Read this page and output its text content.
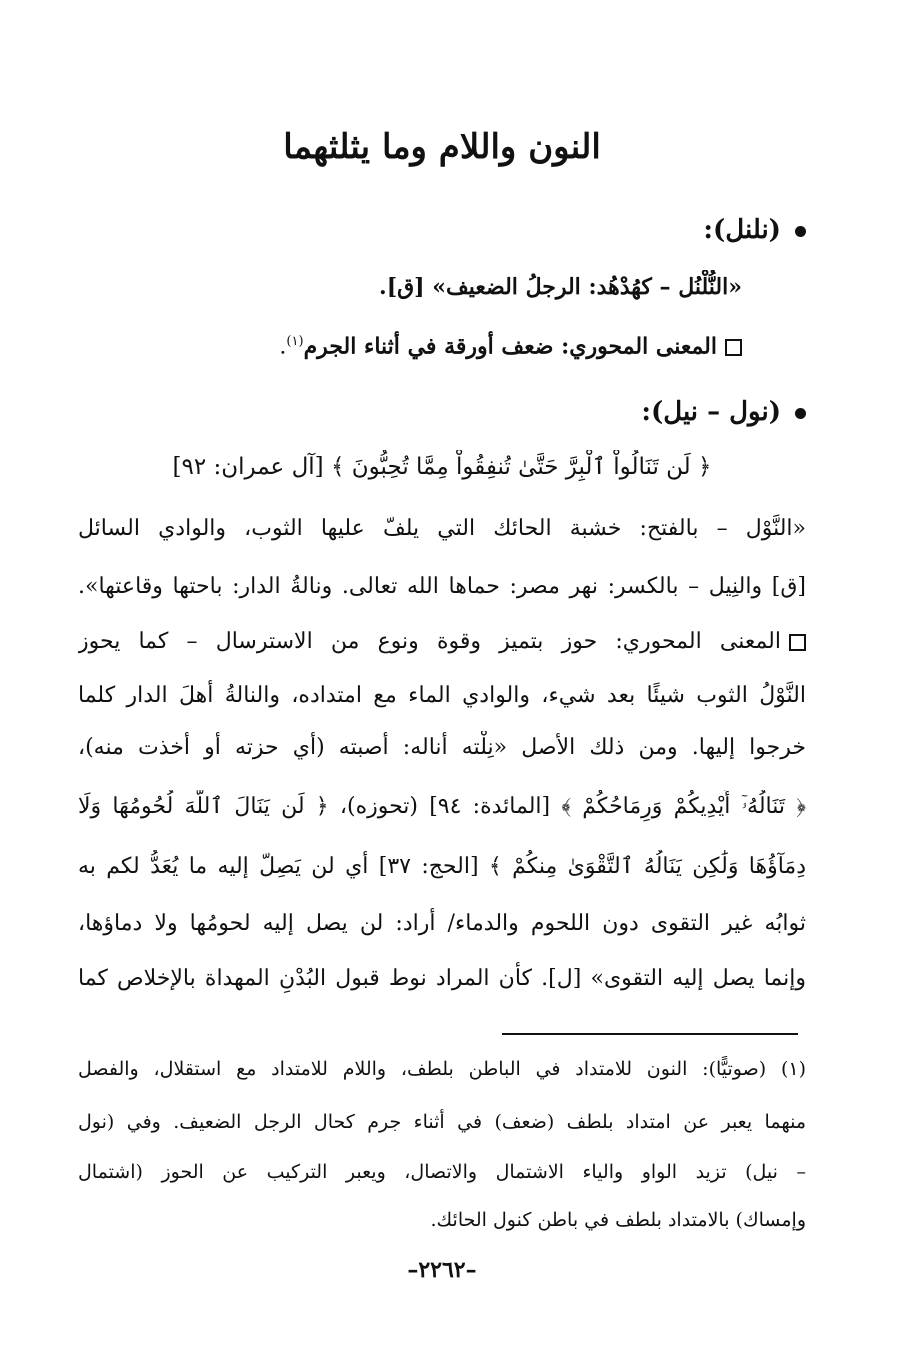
النون واللام وما يثلثهما
(نلنل):
«النُّلْنُل – كهُدْهُد: الرجلُ الضعيف» [ق].
المعنى المحوري: ضعف أورقة في أثناء الجرم$^{(١)}$.
(نول – نيل):
﴿ لَن تَنَالُواْ ٱلْبِرَّ حَتَّىٰ تُنفِقُواْ مِمَّا تُحِبُّونَ ﴾ [آل عمران: ٩٢]
«النَّوْل – بالفتح: خشبة الحائك التي يلفّ عليها الثوب، والوادي السائل
[ق] والنِيل – بالكسر: نهر مصر: حماها الله تعالى. ونالةُ الدار: باحتها وقاعتها».
المعنى المحوري: حوز بتميز وقوة ونوع من الاسترسال – كما يحوز
النَّوْلُ الثوب شيئًا بعد شيء، والوادي الماء مع امتداده، والنالةُ أهلَ الدار كلما
خرجوا إليها. ومن ذلك الأصل «نِلْته أناله: أصبته (أي حزته أو أخذت منه)،
﴿ تَنَالُهُۥٓ أَيْدِيكُمْ وَرِمَاحُكُمْ ﴾ [المائدة: ٩٤] (تحوزه)، ﴿ لَن يَنَالَ ٱللَّهَ لُحُومُهَا وَلَا
دِمَآؤُهَا وَلَٰكِن يَنَالُهُ ٱلتَّقْوَىٰ مِنكُمْ ﴾ [الحج: ٣٧] أي لن يَصِلّ إليه ما يُعَدُّ لكم به
ثوابُه غير التقوى دون اللحوم والدماء/ أراد: لن يصل إليه لحومُها ولا دماؤها،
وإنما يصل إليه التقوى» [ل]. كأن المراد نوط قبول البُدْنِ المهداة بالإخلاص كما
(١) (صوتيًّا): النون للامتداد في الباطن بلطف، واللام للامتداد مع استقلال، والفصل
منهما يعبر عن امتداد بلطف (ضعف) في أثناء جرم كحال الرجل الضعيف. وفي (نول
– نيل) تزيد الواو والياء الاشتمال والاتصال، ويعبر التركيب عن الحوز (اشتمال
وإمساك) بالامتداد بلطف في باطن كنول الحائك.
–٢٢٦٢–
